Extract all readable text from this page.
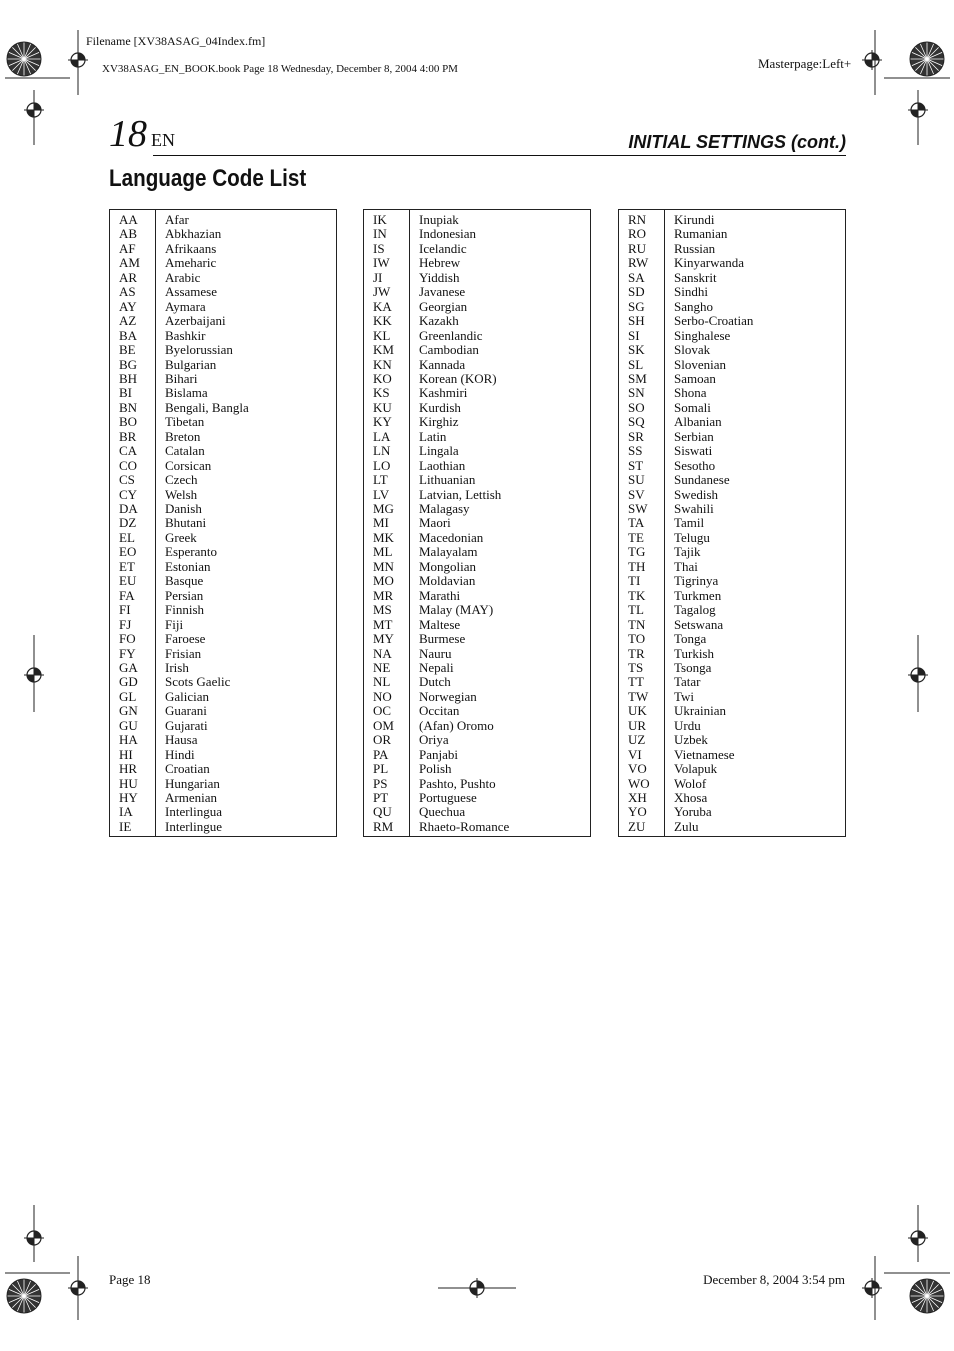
Filename [XV38ASAG_04Index.fm]
XV38ASAG_EN_BOOK.book Page 18 Wednesday, December 8, 2004 4:00 PM	Masterpage:Left+
18 EN	INITIAL SETTINGS (cont.)
Language Code List
AA Afar
AB Abkhazian
AF Afrikaans
AM Ameharic
AR Arabic
AS Assamese
AY Aymara
AZ Azerbaijani
BA Bashkir
BE Byelorussian
BG Bulgarian
BH Bihari
BI	Bislama
BN Bengali, Bangla
BO Tibetan
BR Breton
CA Catalan
CO Corsican
CS Czech
CY Welsh
DA Danish
DZ Bhutani
EL Greek
EO Esperanto
ET Estonian
EU Basque
FA Persian
FI	Finnish
FJ	Fiji
FO Faroese
FY Frisian
GA Irish
GD Scots Gaelic
GL Galician
GN Guarani
GU Gujarati
HA Hausa
HI Hindi
HR Croatian
HU Hungarian
HY Armenian
IA Interlingua
IE	Interlingue
IK Inupiak
IN Indonesian
IS	Icelandic
IW Hebrew
JI	Yiddish
JW Javanese
KA Georgian
KK Kazakh
KL Greenlandic
KM Cambodian
KN Kannada
KO Korean (KOR)
KS Kashmiri
KU Kurdish
KY Kirghiz
LA Latin
LN Lingala
LO Laothian
LT Lithuanian
LV Latvian, Lettish
MG Malagasy
MI Maori
MK Macedonian
ML Malayalam
MN Mongolian
MO Moldavian
MR Marathi
MS Malay (MAY)
MT Maltese
MY Burmese
NA Nauru
NE Nepali
NL Dutch
NO Norwegian
OC Occitan
OM (Afan) Oromo
OR Oriya
PA Panjabi
PL Polish
PS Pashto, Pushto
PT Portuguese
QU Quechua
RM Rhaeto-Romance
RN Kirundi
RO Rumanian
RU Russian
RW Kinyarwanda
SA Sanskrit
SD Sindhi
SG Sangho
SH Serbo-Croatian
SI	Singhalese
SK Slovak
SL Slovenian
SM Samoan
SN Shona
SO Somali
SQ Albanian
SR Serbian
SS Siswati
ST Sesotho
SU Sundanese
SV Swedish
SW Swahili
TA Tamil
TE Telugu
TG Tajik
TH Thai
TI	Tigrinya
TK Turkmen
TL Tagalog
TN Setswana
TO Tonga
TR Turkish
TS Tsonga
TT Tatar
TW Twi
UK Ukrainian
UR Urdu
UZ Uzbek
VI Vietnamese
VO Volapuk
WO Wolof
XH Xhosa
YO Yoruba
ZU Zulu
Page 18	December 8, 2004 3:54 pm
